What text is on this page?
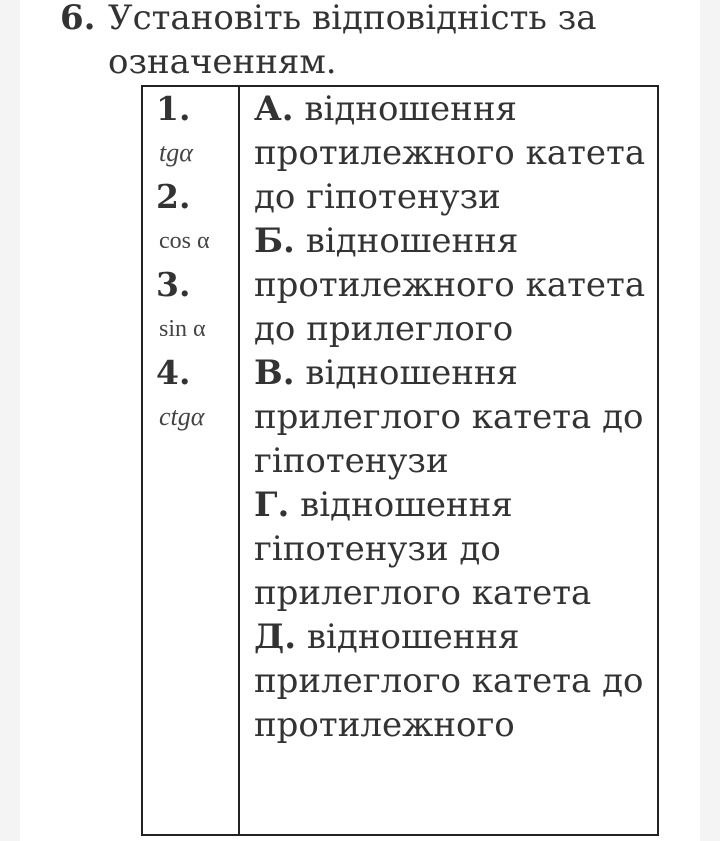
6. Установіть відповідність за означенням.
1.
tgα
2.
cos α
3.
sin α
4.
ctgα
А. відношення протилежного катета до гіпотенузи
Б. відношення протилежного катета до прилеглого
В. відношення прилеглого катета до гіпотенузи
Г. відношення гіпотенузи до прилеглого катета
Д. відношення прилеглого катета до протилежного
